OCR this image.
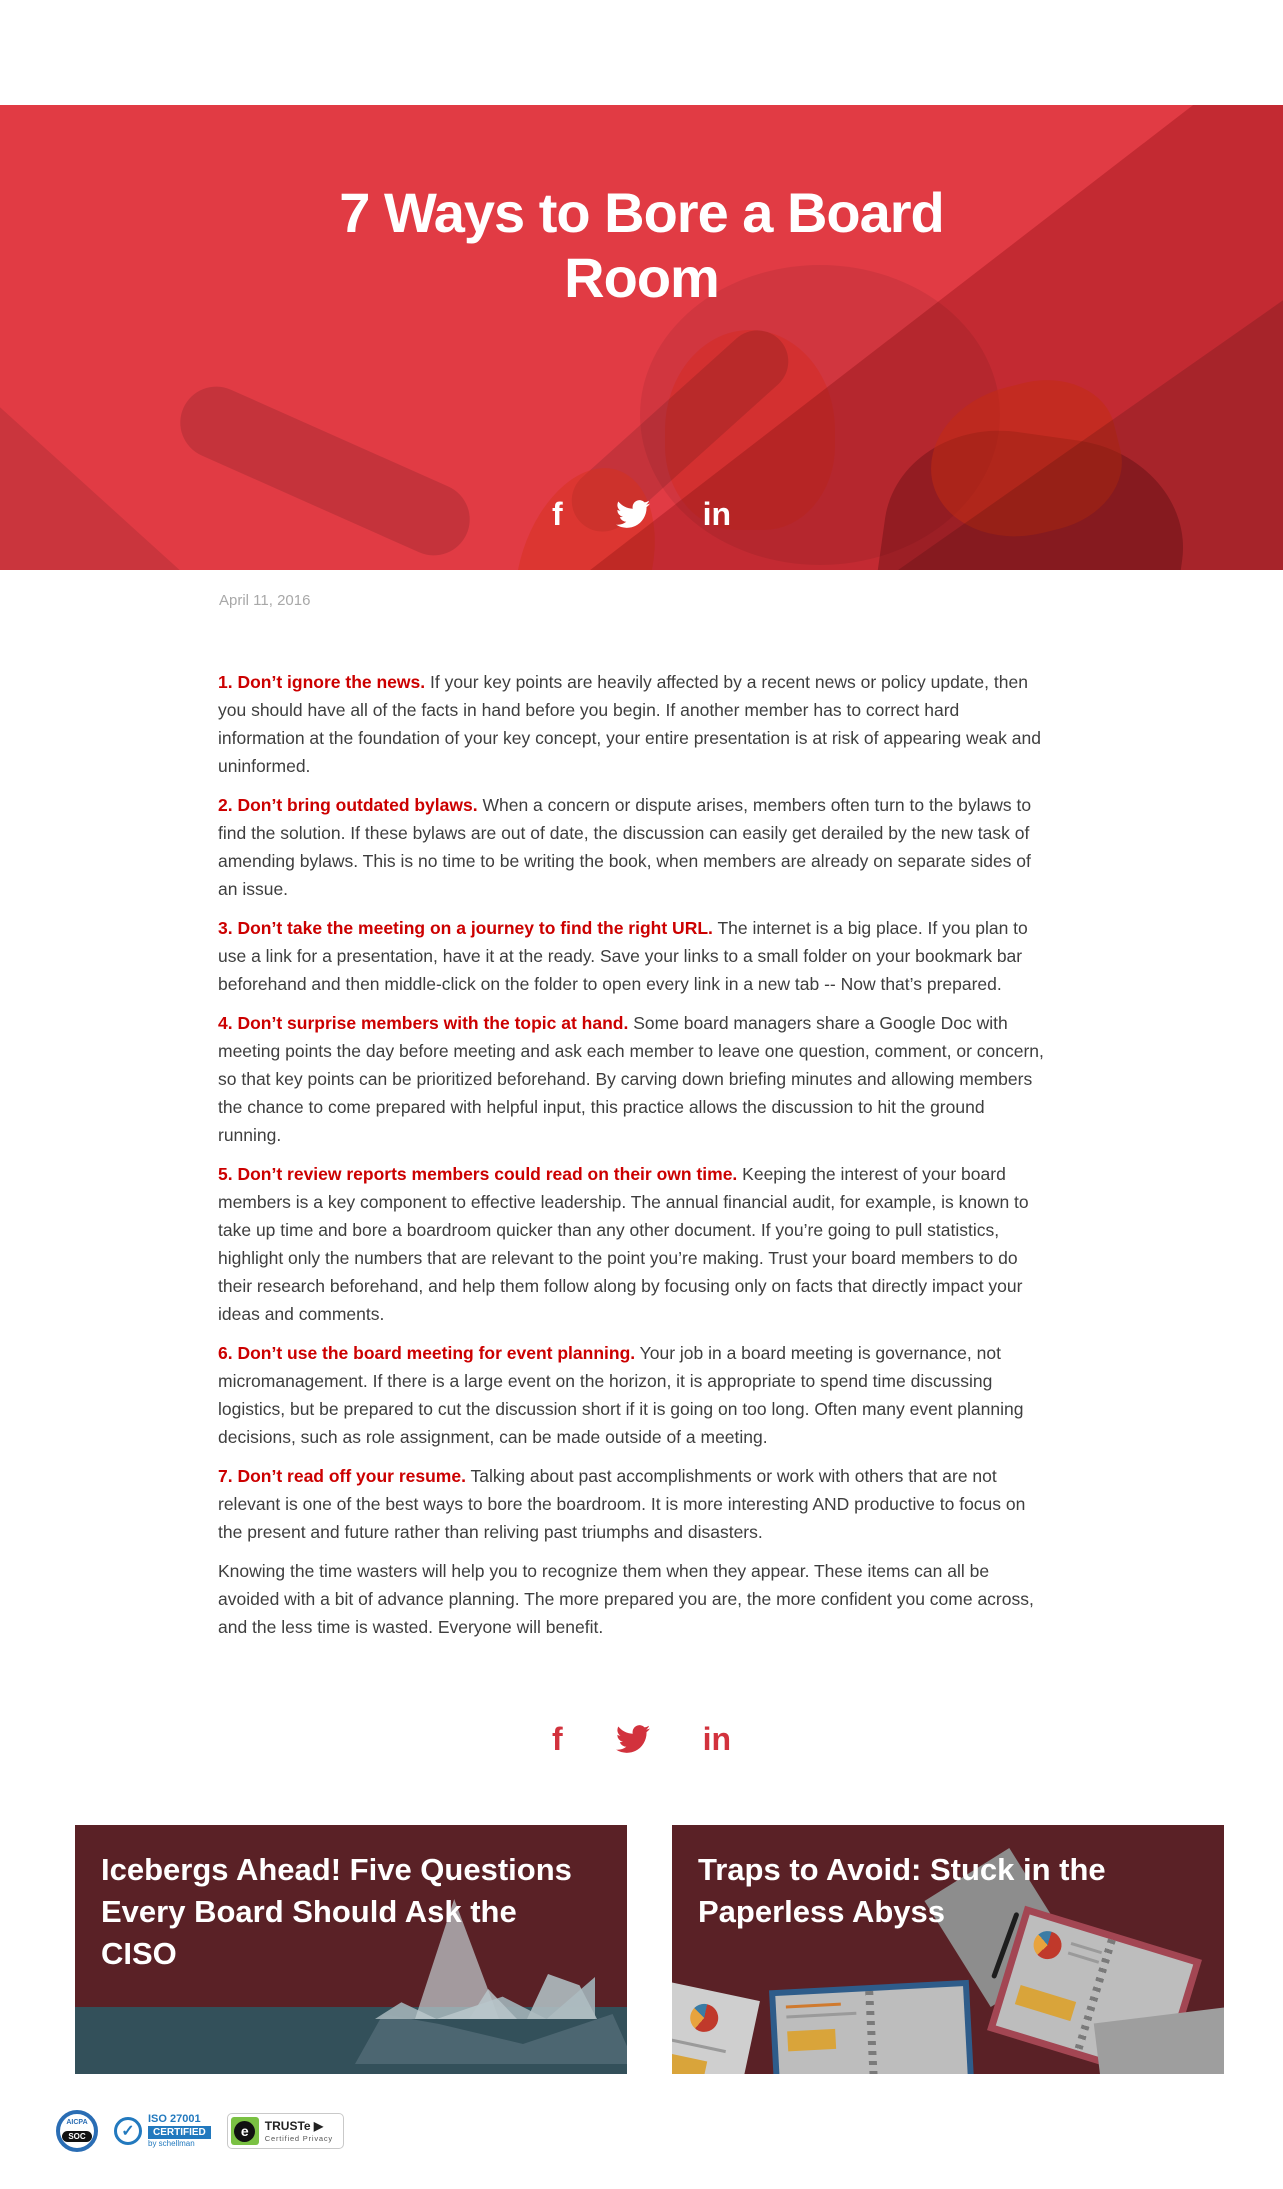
7 Ways to Bore a Board
Room
f	in
April 11, 2016

1. Don’t ignore the news. If your key points are heavily affected by a recent news or policy update, then you should have all of the facts in hand before you begin. If another member has to correct hard information at the foundation of your key concept, your entire presentation is at risk of appearing weak and uninformed.

2. Don’t bring outdated bylaws. When a concern or dispute arises, members often turn to the bylaws to find the solution. If these bylaws are out of date, the discussion can easily get derailed by the new task of amending bylaws. This is no time to be writing the book, when members are already on separate sides of an issue.

3. Don’t take the meeting on a journey to find the right URL. The internet is a big place. If you plan to use a link for a presentation, have it at the ready. Save your links to a small folder on your bookmark bar beforehand and then middle-click on the folder to open every link in a new tab -- Now that’s prepared.

4. Don’t surprise members with the topic at hand. Some board managers share a Google Doc with meeting points the day before meeting and ask each member to leave one question, comment, or concern, so that key points can be prioritized beforehand. By carving down briefing minutes and allowing members the chance to come prepared with helpful input, this practice allows the discussion to hit the ground running.

5. Don’t review reports members could read on their own time. Keeping the interest of your board members is a key component to effective leadership. The annual financial audit, for example, is known to take up time and bore a boardroom quicker than any other document. If you’re going to pull statistics, highlight only the numbers that are relevant to the point you’re making. Trust your board members to do their research beforehand, and help them follow along by focusing only on facts that directly impact your ideas and comments.

6. Don’t use the board meeting for event planning. Your job in a board meeting is governance, not micromanagement. If there is a large event on the horizon, it is appropriate to spend time discussing logistics, but be prepared to cut the discussion short if it is going on too long. Often many event planning decisions, such as role assignment, can be made outside of a meeting.

7. Don’t read off your resume. Talking about past accomplishments or work with others that are not relevant is one of the best ways to bore the boardroom. It is more interesting AND productive to focus on the present and future rather than reliving past triumphs and disasters.

Knowing the time wasters will help you to recognize them when they appear. These items can all be avoided with a bit of advance planning. The more prepared you are, the more confident you come across, and the less time is wasted. Everyone will benefit.

f	in
Icebergs Ahead! Five Questions Every Board Should Ask the CISO
Traps to Avoid: Stuck in the Paperless Abyss
AICPA
SOC	✓
ISO 27001
CERTIFIED
by schellman
e	TRUSTe ▶
Certified Privacy
